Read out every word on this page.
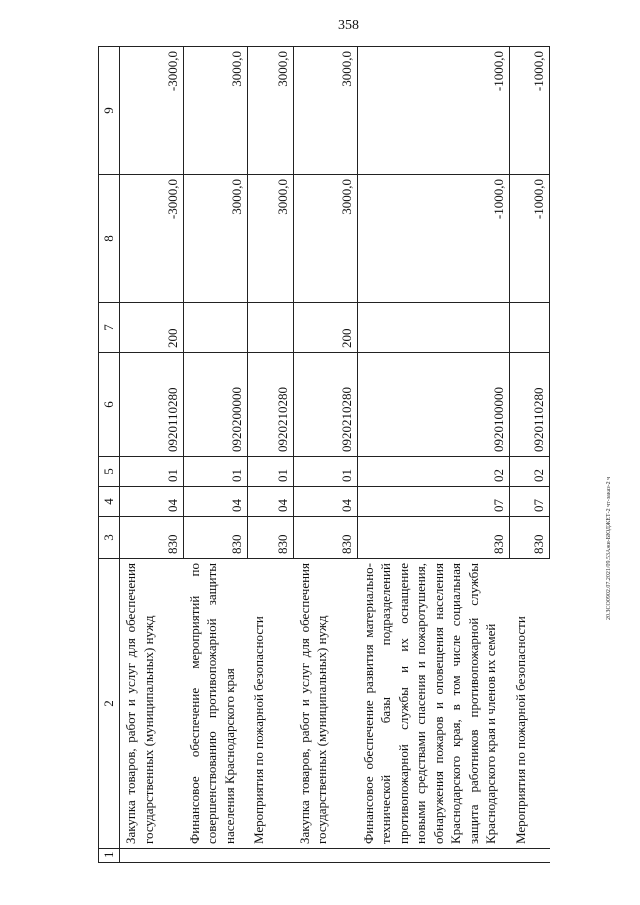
358
20.ЗСО0902.07.2021/09.53Ажи-БЮДЖЕТ-2 чт-заказ-2 ч
1	2	3	4	5	6	7	8	9
	Закупка товаров, работ и услуг для обеспечения государственных (муниципальных) нужд	830	04	01	0920110280	200	-3000,0	-3000,0
	Финансовое обеспечение мероприятий по совершенствованию противопожарной защиты населения Краснодарского края	830	04	01	0920200000		3000,0	3000,0
	Мероприятия по пожарной безопасности	830	04	01	0920210280		3000,0	3000,0
	Закупка товаров, работ и услуг для обеспечения государственных (муниципальных) нужд	830	04	01	0920210280	200	3000,0	3000,0
	Финансовое обеспечение развития материально-технической базы подразделений противопожарной службы и их оснащение новыми средствами спасения и пожаротушения, обнаружения пожаров и оповещения населения Краснодарского края, в том числе социальная защита работников противопожарной службы Краснодарского края и членов их семей	830	07	02	0920100000		-1000,0	-1000,0
	Мероприятия по пожарной безопасности	830	07	02	0920110280		-1000,0	-1000,0
